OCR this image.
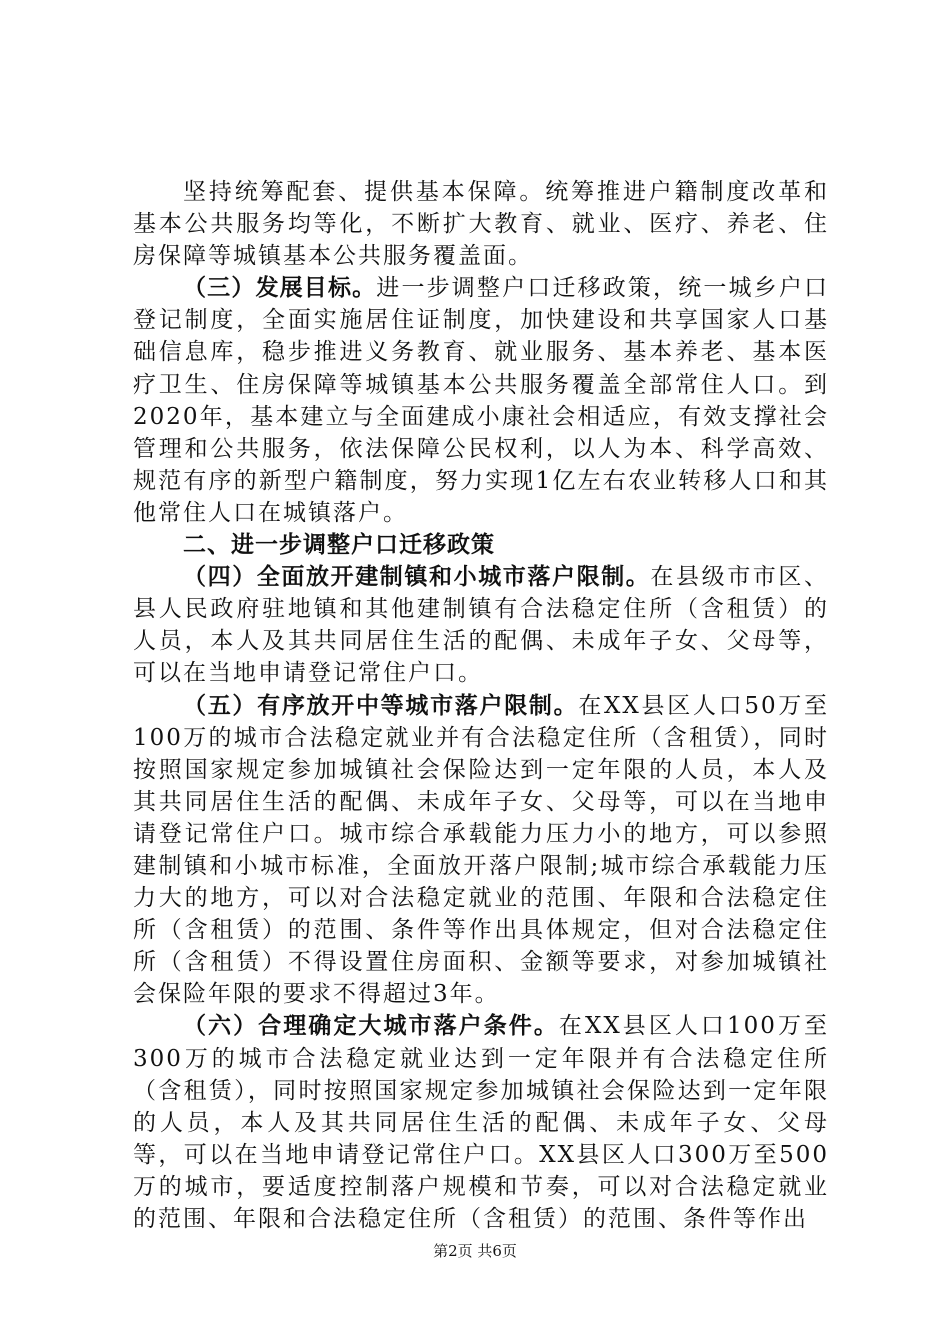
坚持统筹配套、提供基本保障。统筹推进户籍制度改革和基本公共服务均等化，不断扩大教育、就业、医疗、养老、住房保障等城镇基本公共服务覆盖面。

（三）发展目标。进一步调整户口迁移政策，统一城乡户口登记制度，全面实施居住证制度，加快建设和共享国家人口基础信息库，稳步推进义务教育、就业服务、基本养老、基本医疗卫生、住房保障等城镇基本公共服务覆盖全部常住人口。到2020年，基本建立与全面建成小康社会相适应，有效支撑社会管理和公共服务，依法保障公民权利，以人为本、科学高效、规范有序的新型户籍制度，努力实现1亿左右农业转移人口和其他常住人口在城镇落户。

二、进一步调整户口迁移政策

（四）全面放开建制镇和小城市落户限制。在县级市市区、县人民政府驻地镇和其他建制镇有合法稳定住所（含租赁）的人员，本人及其共同居住生活的配偶、未成年子女、父母等，可以在当地申请登记常住户口。

（五）有序放开中等城市落户限制。在XX县区人口50万至100万的城市合法稳定就业并有合法稳定住所（含租赁），同时按照国家规定参加城镇社会保险达到一定年限的人员，本人及其共同居住生活的配偶、未成年子女、父母等，可以在当地申请登记常住户口。城市综合承载能力压力小的地方，可以参照建制镇和小城市标准，全面放开落户限制;城市综合承载能力压力大的地方，可以对合法稳定就业的范围、年限和合法稳定住所（含租赁）的范围、条件等作出具体规定，但对合法稳定住所（含租赁）不得设置住房面积、金额等要求，对参加城镇社会保险年限的要求不得超过3年。

（六）合理确定大城市落户条件。在XX县区人口100万至300万的城市合法稳定就业达到一定年限并有合法稳定住所（含租赁），同时按照国家规定参加城镇社会保险达到一定年限的人员，本人及其共同居住生活的配偶、未成年子女、父母等，可以在当地申请登记常住户口。XX县区人口300万至500万的城市，要适度控制落户规模和节奏，可以对合法稳定就业的范围、年限和合法稳定住所（含租赁）的范围、条件等作出

第2页 共6页
